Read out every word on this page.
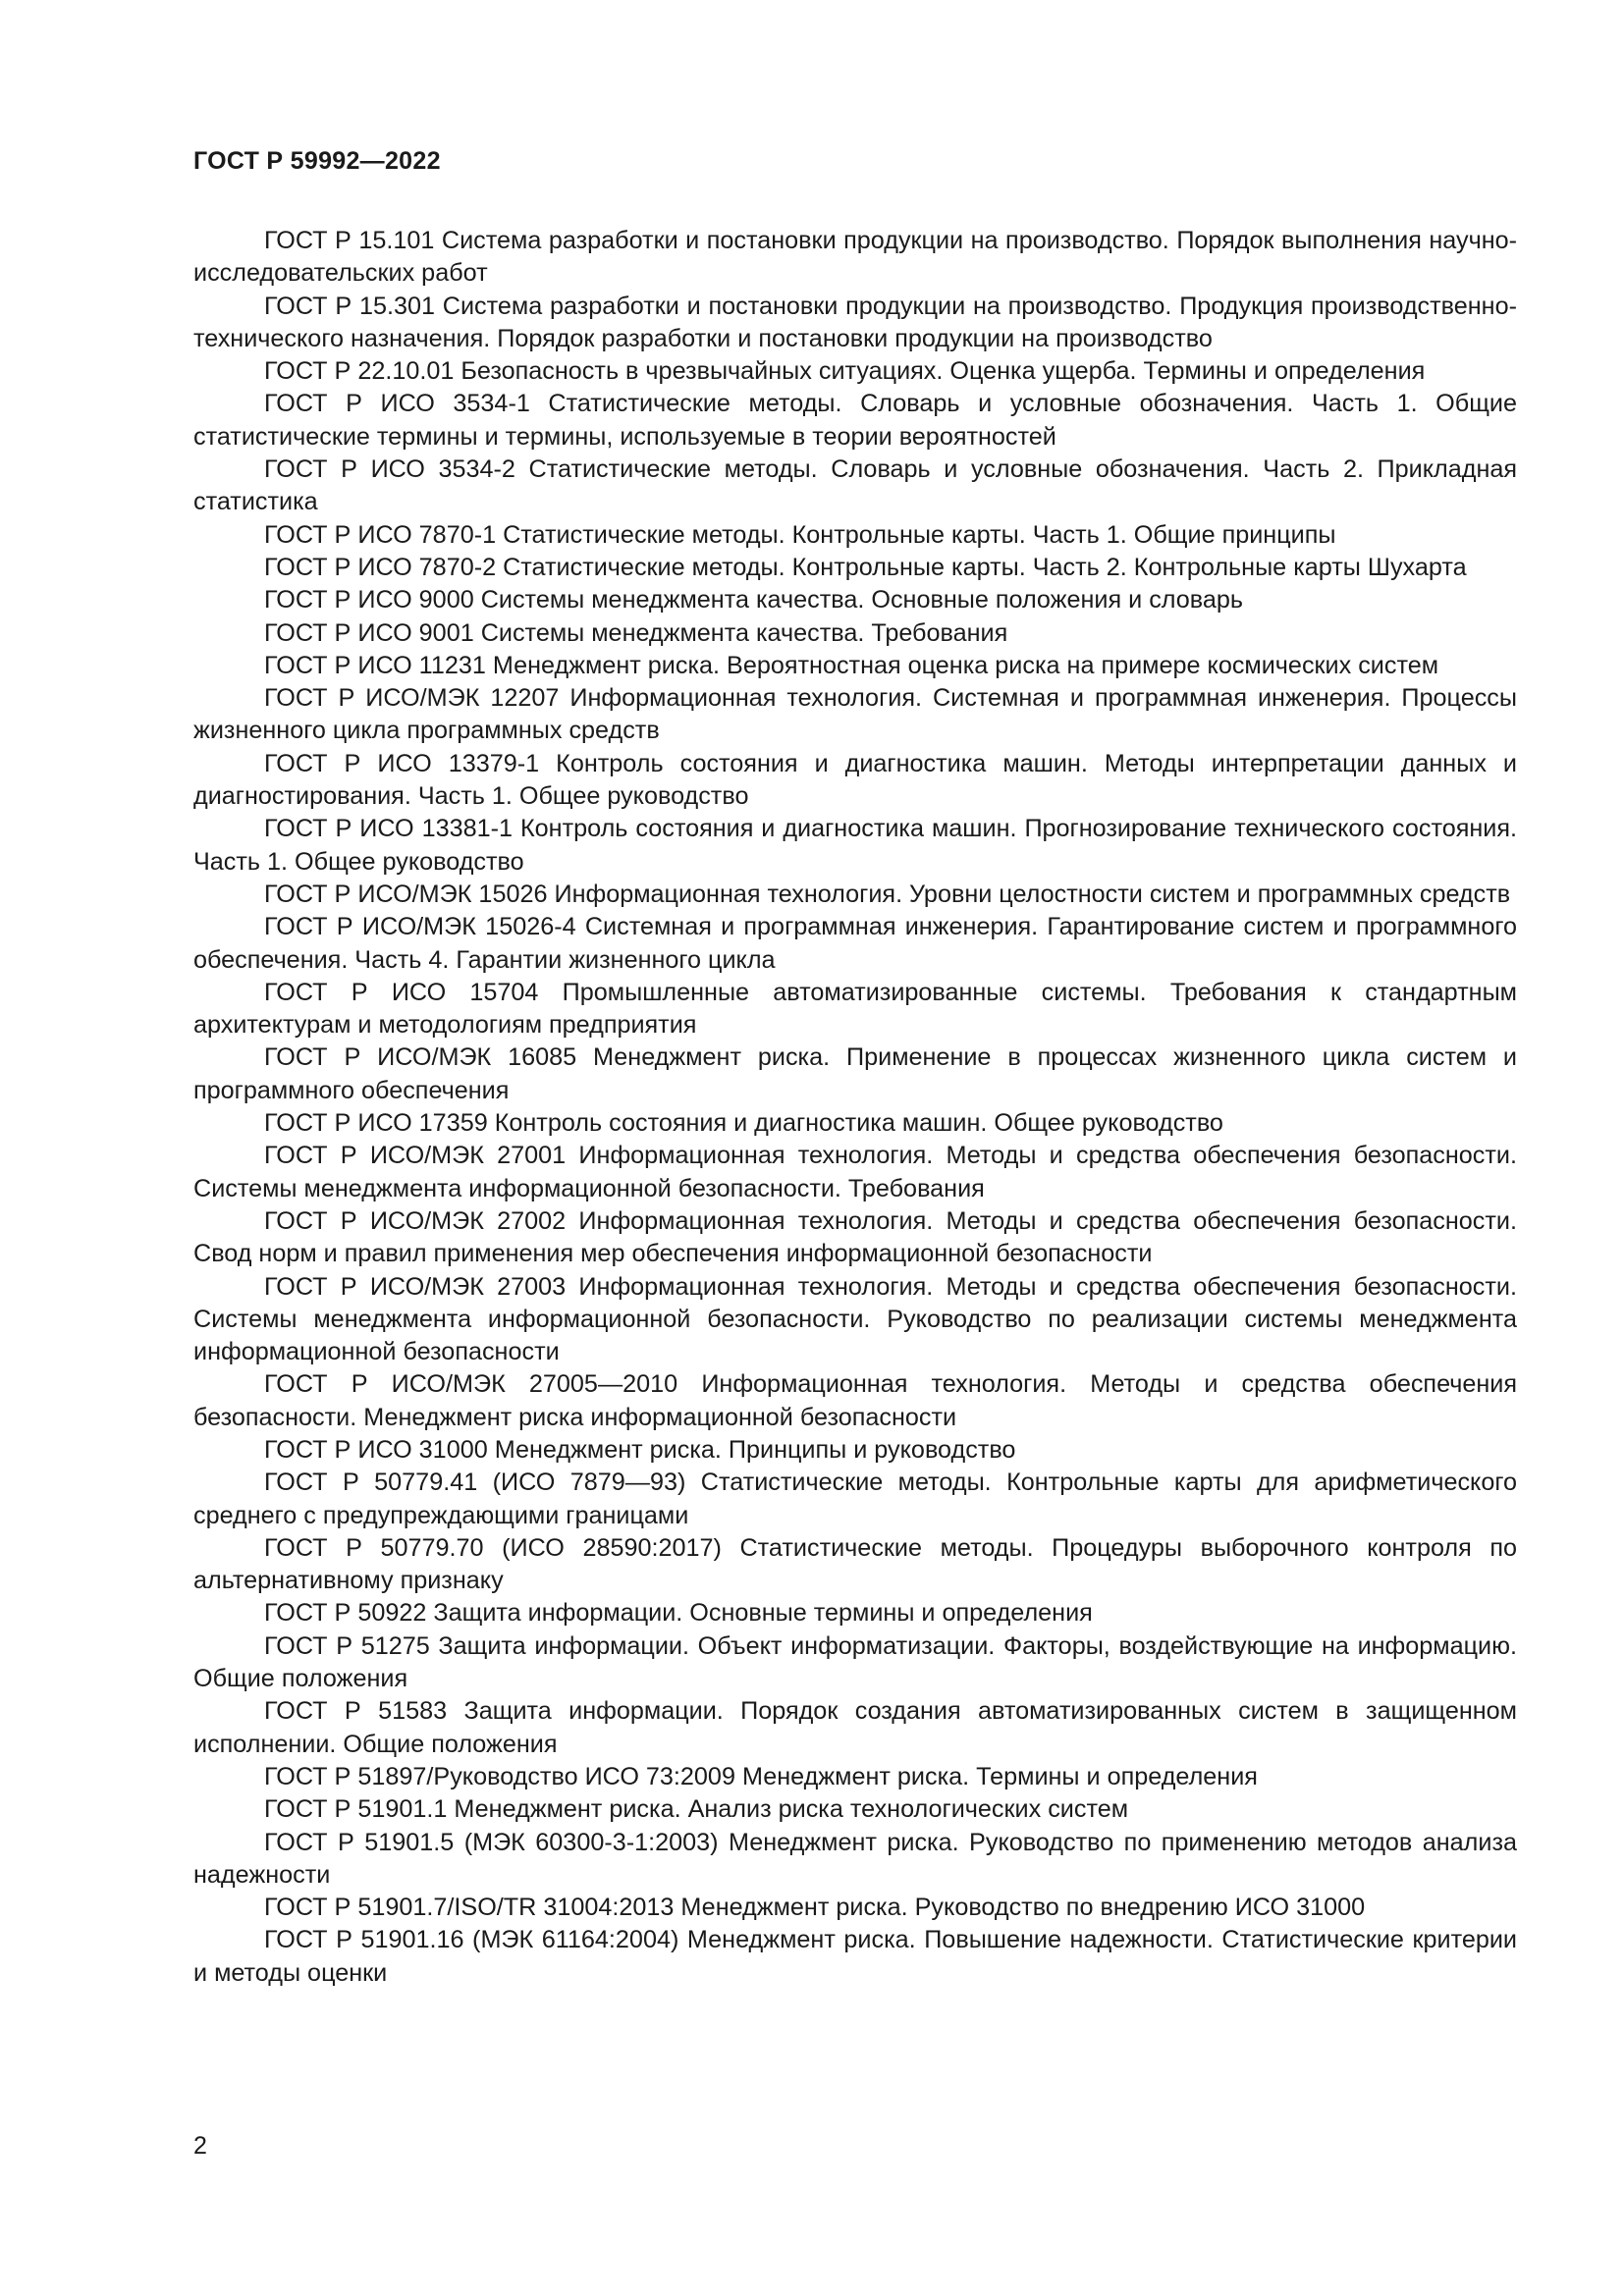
ГОСТ Р 59992—2022
ГОСТ Р 15.101 Система разработки и постановки продукции на производство. Порядок выполнения научно-исследовательских работ
ГОСТ Р 15.301 Система разработки и постановки продукции на производство. Продукция производственно-технического назначения. Порядок разработки и постановки продукции на производство
ГОСТ Р 22.10.01 Безопасность в чрезвычайных ситуациях. Оценка ущерба. Термины и определения
ГОСТ Р ИСО 3534-1 Статистические методы. Словарь и условные обозначения. Часть 1. Общие статистические термины и термины, используемые в теории вероятностей
ГОСТ Р ИСО 3534-2 Статистические методы. Словарь и условные обозначения. Часть 2. Прикладная статистика
ГОСТ Р ИСО 7870-1 Статистические методы. Контрольные карты. Часть 1. Общие принципы
ГОСТ Р ИСО 7870-2 Статистические методы. Контрольные карты. Часть 2. Контрольные карты Шухарта
ГОСТ Р ИСО 9000 Системы менеджмента качества. Основные положения и словарь
ГОСТ Р ИСО 9001 Системы менеджмента качества. Требования
ГОСТ Р ИСО 11231 Менеджмент риска. Вероятностная оценка риска на примере космических систем
ГОСТ Р ИСО/МЭК 12207 Информационная технология. Системная и программная инженерия. Процессы жизненного цикла программных средств
ГОСТ Р ИСО 13379-1 Контроль состояния и диагностика машин. Методы интерпретации данных и диагностирования. Часть 1. Общее руководство
ГОСТ Р ИСО 13381-1 Контроль состояния и диагностика машин. Прогнозирование технического состояния. Часть 1. Общее руководство
ГОСТ Р ИСО/МЭК 15026 Информационная технология. Уровни целостности систем и программных средств
ГОСТ Р ИСО/МЭК 15026-4 Системная и программная инженерия. Гарантирование систем и программного обеспечения. Часть 4. Гарантии жизненного цикла
ГОСТ Р ИСО 15704 Промышленные автоматизированные системы. Требования к стандартным архитектурам и методологиям предприятия
ГОСТ Р ИСО/МЭК 16085 Менеджмент риска. Применение в процессах жизненного цикла систем и программного обеспечения
ГОСТ Р ИСО 17359 Контроль состояния и диагностика машин. Общее руководство
ГОСТ Р ИСО/МЭК 27001 Информационная технология. Методы и средства обеспечения безопасности. Системы менеджмента информационной безопасности. Требования
ГОСТ Р ИСО/МЭК 27002 Информационная технология. Методы и средства обеспечения безопасности. Свод норм и правил применения мер обеспечения информационной безопасности
ГОСТ Р ИСО/МЭК 27003 Информационная технология. Методы и средства обеспечения безопасности. Системы менеджмента информационной безопасности. Руководство по реализации системы менеджмента информационной безопасности
ГОСТ Р ИСО/МЭК 27005—2010 Информационная технология. Методы и средства обеспечения безопасности. Менеджмент риска информационной безопасности
ГОСТ Р ИСО 31000 Менеджмент риска. Принципы и руководство
ГОСТ Р 50779.41 (ИСО 7879—93) Статистические методы. Контрольные карты для арифметического среднего с предупреждающими границами
ГОСТ Р 50779.70 (ИСО 28590:2017) Статистические методы. Процедуры выборочного контроля по альтернативному признаку
ГОСТ Р 50922 Защита информации. Основные термины и определения
ГОСТ Р 51275 Защита информации. Объект информатизации. Факторы, воздействующие на информацию. Общие положения
ГОСТ Р 51583 Защита информации. Порядок создания автоматизированных систем в защищенном исполнении. Общие положения
ГОСТ Р 51897/Руководство ИСО 73:2009 Менеджмент риска. Термины и определения
ГОСТ Р 51901.1 Менеджмент риска. Анализ риска технологических систем
ГОСТ Р 51901.5 (МЭК 60300-3-1:2003) Менеджмент риска. Руководство по применению методов анализа надежности
ГОСТ Р 51901.7/ISO/TR 31004:2013 Менеджмент риска. Руководство по внедрению ИСО 31000
ГОСТ Р 51901.16 (МЭК 61164:2004) Менеджмент риска. Повышение надежности. Статистические критерии и методы оценки
2
